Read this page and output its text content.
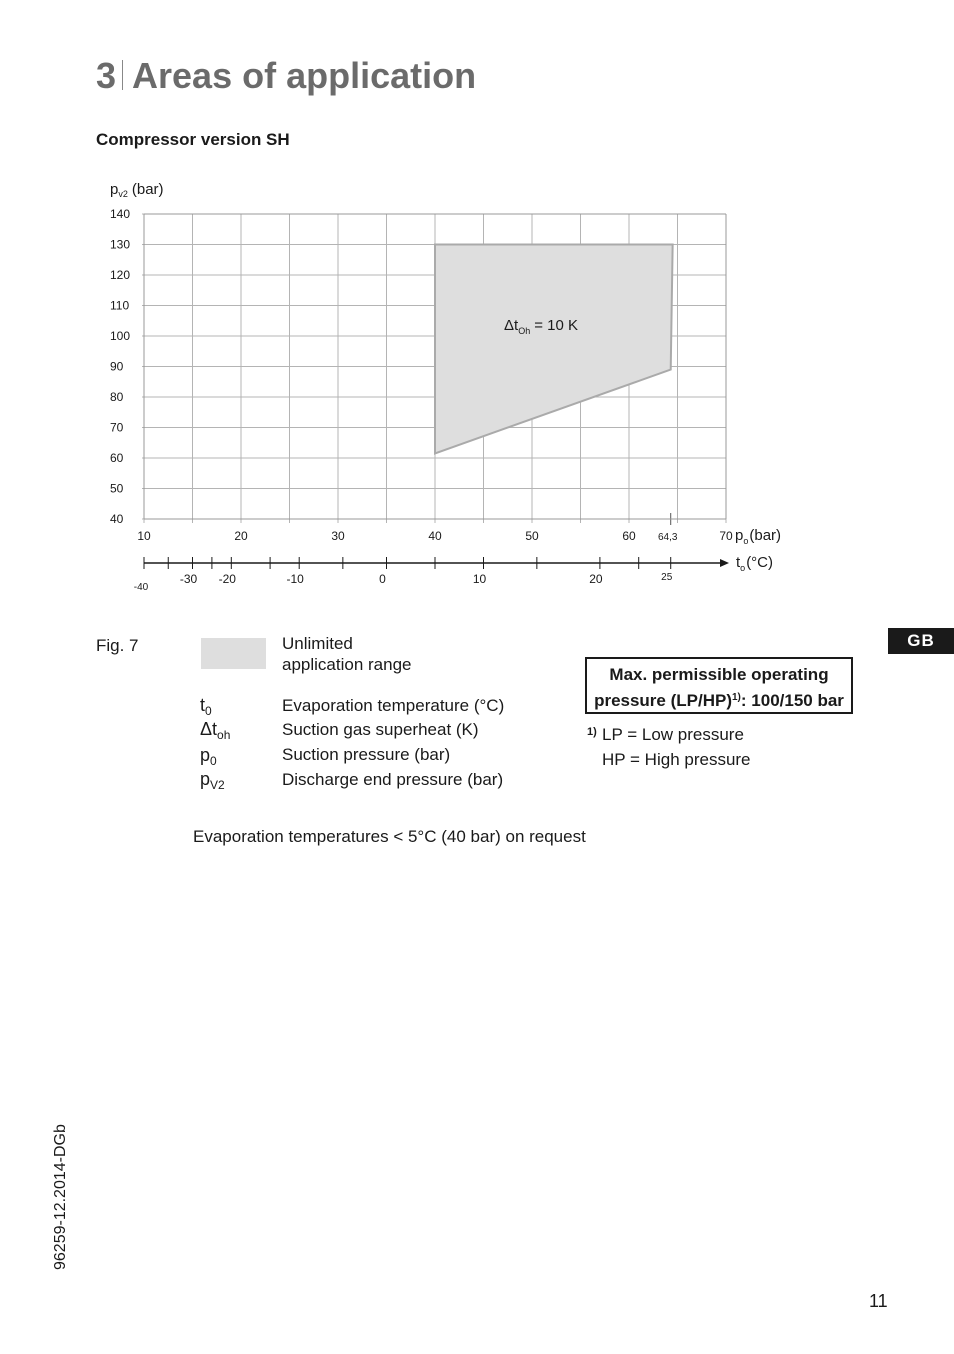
3 Areas of application
Compressor version SH
140
130
120
110
100
90
80
70
60
50
40
10	20	30	40	50	60	70
64,3
-40
-30 -20	-10	0	10	20	25
$p_{v2}$ (bar)
$p_o(bar)$
$t_o(^\circ C)$
$\Delta t_{Oh} = 10$ K
Fig. 7	Unlimited
application range
$t_0$	Evaporation temperature (°C)
$\Delta t_{oh}$	Suction gas superheat (K)
$p_0$	Suction pressure (bar)
$p_{V2}$	Discharge end pressure (bar)
Max. permissible operating
pressure $(LP/HP)^{1)}$: 100/150 bar
1) LP = Low pressure
HP = High pressure
Evaporation temperatures < 5°C (40 bar) on request
GB
96259-12.2014-DGb
11
